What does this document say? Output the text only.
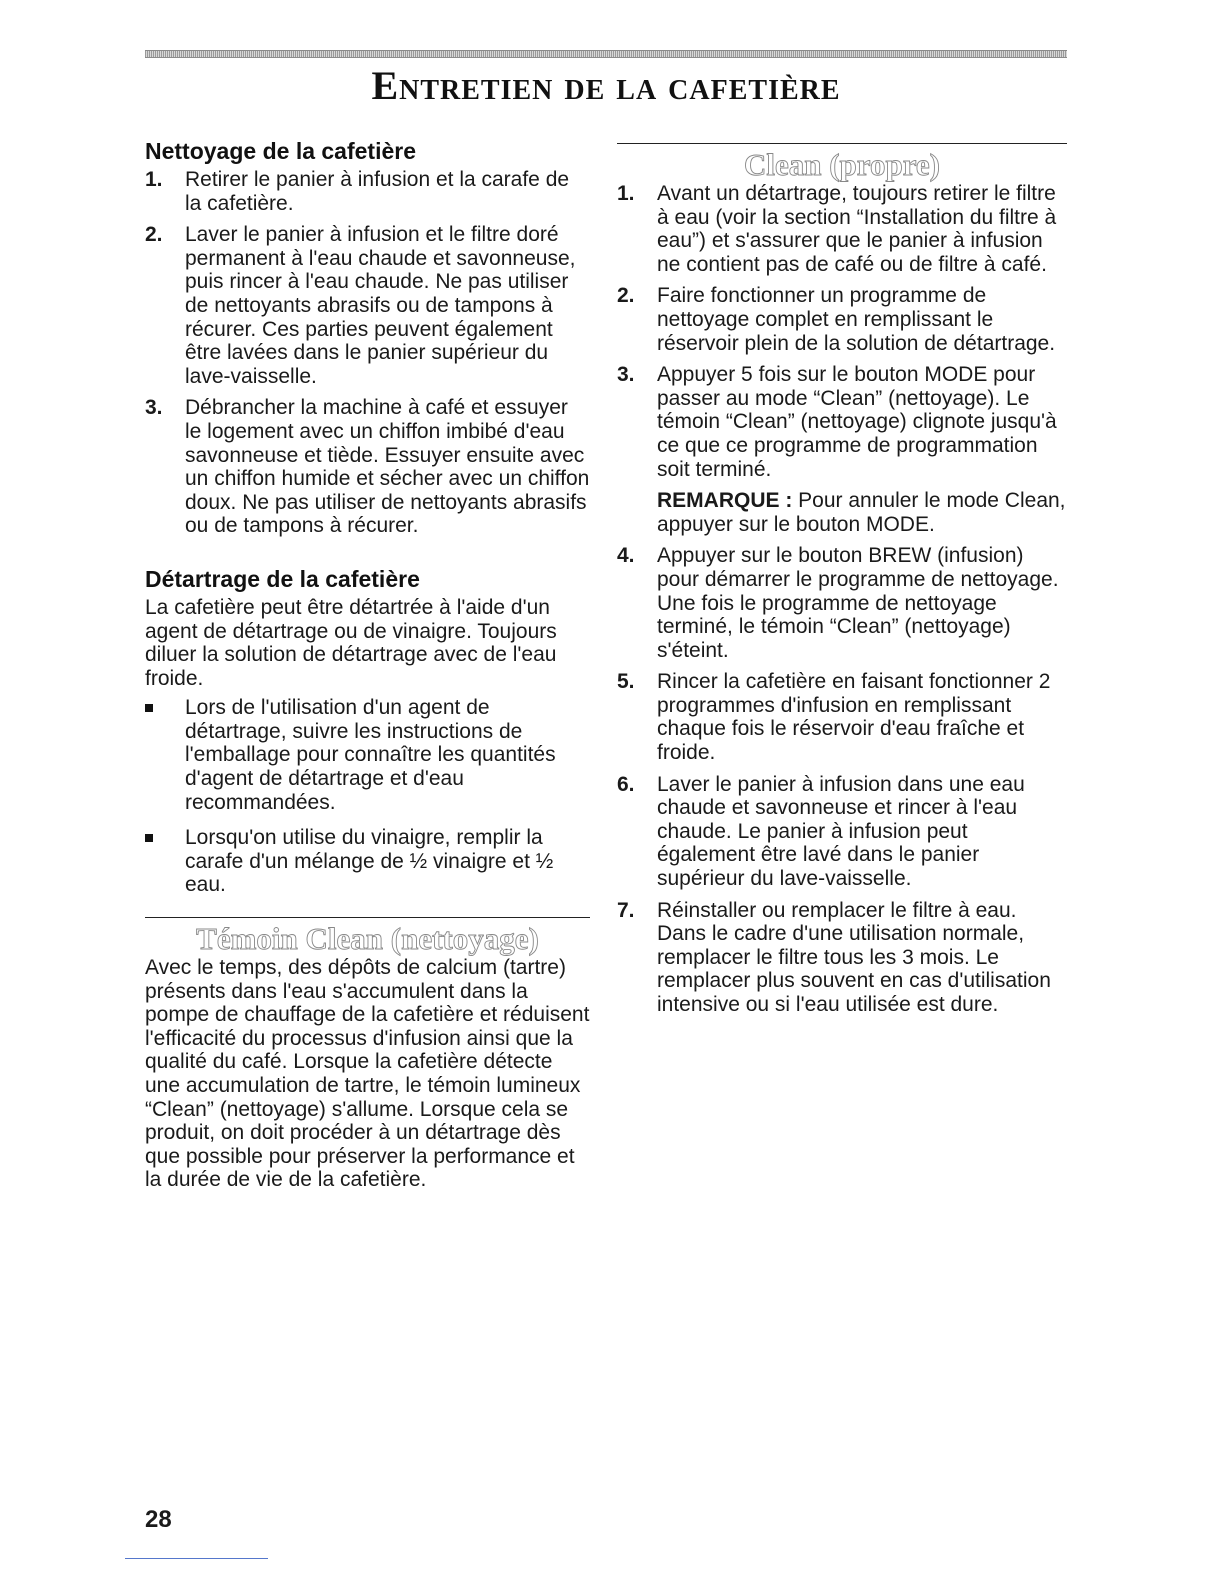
Entretien de la cafetière
Nettoyage de la cafetière
1. Retirer le panier à infusion et la carafe de la cafetière.
2. Laver le panier à infusion et le filtre doré permanent à l'eau chaude et savonneuse, puis rincer à l'eau chaude. Ne pas utiliser de nettoyants abrasifs ou de tampons à récurer. Ces parties peuvent également être lavées dans le panier supérieur du lave-vaisselle.
3. Débrancher la machine à café et essuyer le logement avec un chiffon imbibé d'eau savonneuse et tiède. Essuyer ensuite avec un chiffon humide et sécher avec un chiffon doux. Ne pas utiliser de nettoyants abrasifs ou de tampons à récurer.
Détartrage de la cafetière

La cafetière peut être détartrée à l'aide d'un agent de détartrage ou de vinaigre. Toujours diluer la solution de détartrage avec de l'eau froide.

Lors de l'utilisation d'un agent de détartrage, suivre les instructions de l'emballage pour connaître les quantités d'agent de détartrage et d'eau recommandées.
Lorsqu'on utilise du vinaigre, remplir la carafe d'un mélange de ½ vinaigre et ½ eau.
Témoin Clean (nettoyage)

Avec le temps, des dépôts de calcium (tartre) présents dans l'eau s'accumulent dans la pompe de chauffage de la cafetière et réduisent l'efficacité du processus d'infusion ainsi que la qualité du café. Lorsque la cafetière détecte une accumulation de tartre, le témoin lumineux “Clean” (nettoyage) s'allume. Lorsque cela se produit, on doit procéder à un détartrage dès que possible pour préserver la performance et la durée de vie de la cafetière.

Clean (propre)
1. Avant un détartrage, toujours retirer le filtre à eau (voir la section “Installation du filtre à eau”) et s'assurer que le panier à infusion ne contient pas de café ou de filtre à café.
2. Faire fonctionner un programme de nettoyage complet en remplissant le réservoir plein de la solution de détartrage.
3. Appuyer 5 fois sur le bouton MODE pour passer au mode “Clean” (nettoyage). Le témoin “Clean” (nettoyage) clignote jusqu'à ce que ce programme de programmation soit terminé.

REMARQUE : Pour annuler le mode Clean, appuyer sur le bouton MODE.

4. Appuyer sur le bouton BREW (infusion) pour démarrer le programme de nettoyage. Une fois le programme de nettoyage terminé, le témoin “Clean” (nettoyage) s'éteint.
5. Rincer la cafetière en faisant fonctionner 2 programmes d'infusion en remplissant chaque fois le réservoir d'eau fraîche et froide.
6. Laver le panier à infusion dans une eau chaude et savonneuse et rincer à l'eau chaude. Le panier à infusion peut également être lavé dans le panier supérieur du lave-vaisselle.
7. Réinstaller ou remplacer le filtre à eau. Dans le cadre d'une utilisation normale, remplacer le filtre tous les 3 mois. Le remplacer plus souvent en cas d'utilisation intensive ou si l'eau utilisée est dure.

28
